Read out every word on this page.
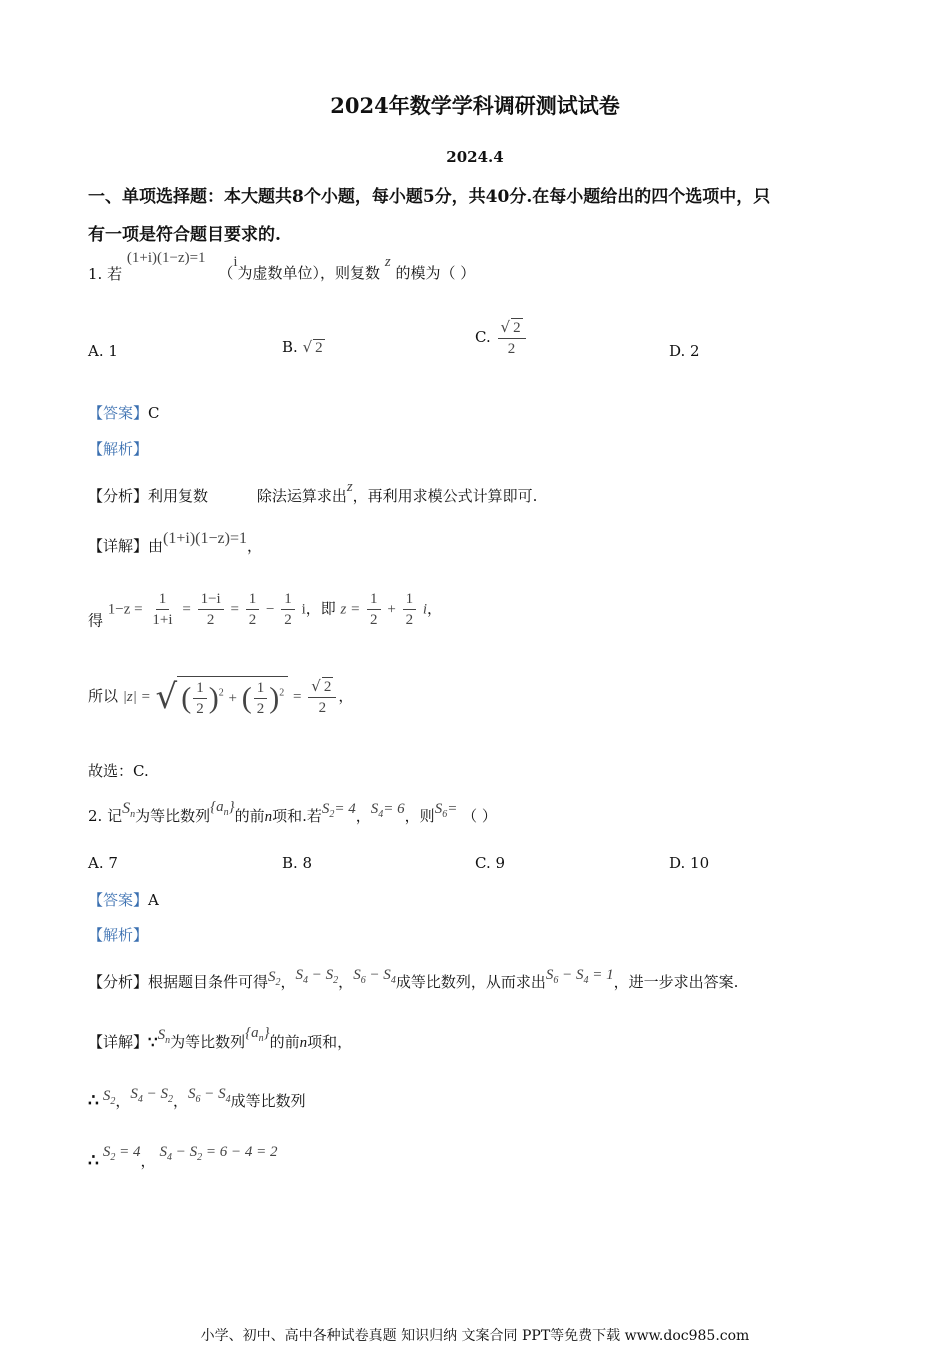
2024年数学学科调研测试试卷
2024.4
一、单项选择题：本大题共8个小题，每小题5分，共40分.在每小题给出的四个选项中，只
有一项是符合题目要求的.
1. 若 (1+i)(1−z)=1 （i为虚数单位），则复数 z 的模为（ ）
A. 1	B. √ 2
C. $\frac{√ 2}{2}$	D. 2
【答案】C
【解析】
【分析】利用复数	除法运算求出z，再利用求模公式计算即可.
【详解】由(1+i)(1−z)=1，
得 $1-z = \frac{1}{1+i} = \frac{1-i}{2} = \frac{1}{2} - \frac{1}{2}$ i，即 $z = \frac{1}{2} + \frac{1}{2}$ i，
所以 |z| = √ ( $\frac{1}{2} )^2$ + ( $\frac{1}{2} )^2 = \frac{√ 2}{2}$ ，
故选：C.
2. 记$S_n$为等比数列$\{a_n\}$的前n项和.若$S_2= 4$，$S_4= 6$，则$S_6=$ （ ）
A. 7	B. 8	C. 9	D. 10
【答案】A
【解析】
【分析】根据题目条件可得$S_2$，$S_4 - S_2$，$S_6 - S_4$成等比数列，从而求出$S_6 - S_4 = 1$，进一步求出答案.
【详解】$\because S_n$为等比数列$\{a_n\}$的前n项和，
∴ $S_2$，$S_4 - S_2$，$S_6 - S_4$成等比数列
∴ $S_2 = 4$， $S_4 - S_2 = 6 - 4 = 2$
小学、初中、高中各种试卷真题 知识归纳 文案合同 PPT等免费下载 www.doc985.com
